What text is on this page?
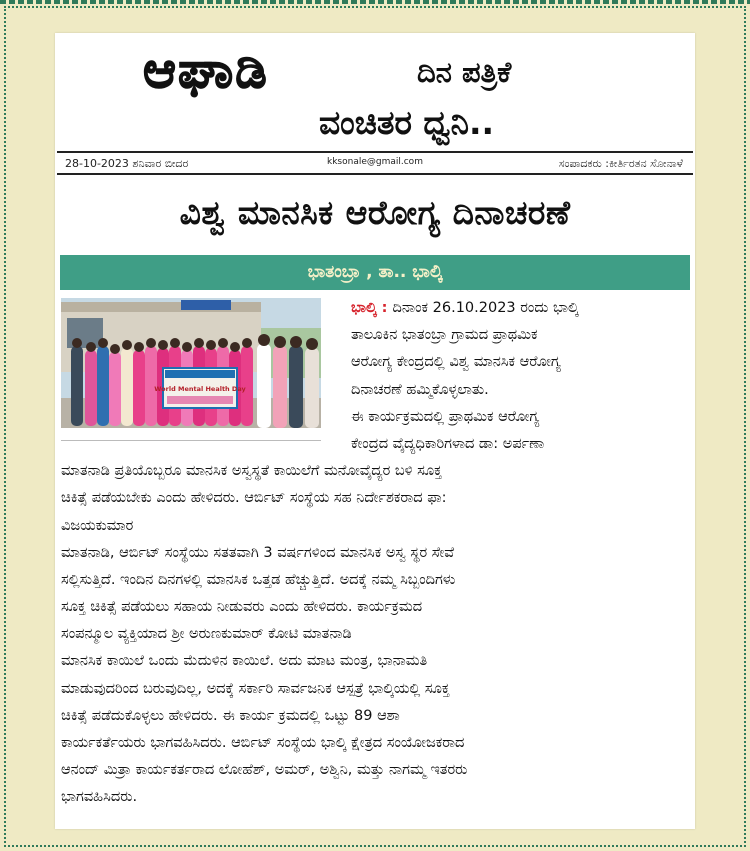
ಆಘಾಡಿ	ದಿನ ಪತ್ರಿಕೆ
ವಂಚಿತರ ಧ್ವನಿ..
28-10-2023 ಶನಿವಾರ ಬೀದರ	kksonale@gmail.com	ಸಂಪಾದಕರು :ಕೀರ್ತಿರತನ ಸೋನಾಳೆ
ವಿಶ್ವ ಮಾನಸಿಕ ಆರೋಗ್ಯ ದಿನಾಚರಣೆ
ಭಾತಂಬ್ರಾ , ತಾ.. ಭಾಲ್ಕಿ
World Mental Health Day
ಭಾಲ್ಕಿ : ದಿನಾಂಕ 26.10.2023 ರಂದು ಭಾಲ್ಕಿ
ತಾಲೂಕಿನ ಭಾತಂಬ್ರಾ ಗ್ರಾಮದ ಪ್ರಾಥಮಿಕ
ಆರೋಗ್ಯ ಕೇಂದ್ರದಲ್ಲಿ ವಿಶ್ವ ಮಾನಸಿಕ ಆರೋಗ್ಯ
ದಿನಾಚರಣೆ ಹಮ್ಮಿಕೊಳ್ಳಲಾತು.
ಈ ಕಾರ್ಯಕ್ರಮದಲ್ಲಿ ಪ್ರಾಥಮಿಕ ಆರೋಗ್ಯ
ಕೇಂದ್ರದ ವೈದ್ಯಧಿಕಾರಿಗಳಾದ ಡಾ: ಅರ್ಪಣಾ
ಮಾತನಾಡಿ ಪ್ರತಿಯೊಬ್ಬರೂ ಮಾನಸಿಕ ಅಸ್ವಸ್ಥತೆ ಕಾಯಿಲೆಗೆ ಮನೋವೈದ್ಯರ ಬಳಿ ಸೂಕ್ತ
ಚಿಕಿತ್ಸೆ ಪಡೆಯಬೇಕು ಎಂದು ಹೇಳಿದರು. ಆರ್ಬಿಟ್ ಸಂಸ್ಥೆಯ ಸಹ ನಿರ್ದೇಶಕರಾದ ಫಾ:
ವಿಜಯಕುಮಾರ
ಮಾತನಾಡಿ, ಆರ್ಬಿಟ್ ಸಂಸ್ಥೆಯು ಸತತವಾಗಿ 3 ವರ್ಷಗಳಿಂದ ಮಾನಸಿಕ ಅಸ್ವ ಸ್ಥರ ಸೇವೆ
ಸಲ್ಲಿಸುತ್ತಿದೆ. ಇಂದಿನ ದಿನಗಳಲ್ಲಿ ಮಾನಸಿಕ ಒತ್ತಡ ಹೆಚ್ಚುತ್ತಿದೆ. ಅದಕ್ಕೆ ನಮ್ಮ ಸಿಬ್ಬಂದಿಗಳು
ಸೂಕ್ತ ಚಿಕಿತ್ಸೆ ಪಡೆಯಲು ಸಹಾಯ ನೀಡುವರು ಎಂದು ಹೇಳಿದರು. ಕಾರ್ಯಕ್ರಮದ
ಸಂಪನ್ಮೂಲ ವ್ಯಕ್ತಿಯಾದ ಶ್ರೀ ಅರುಣಕುಮಾರ್ ಕೋಟಿ ಮಾತನಾಡಿ
ಮಾನಸಿಕ ಕಾಯಿಲೆ ಒಂದು ಮೆದುಳಿನ ಕಾಯಿಲೆ. ಅದು ಮಾಟ ಮಂತ್ರ, ಭಾನಾಮತಿ
ಮಾಡುವುದರಿಂದ ಬರುವುದಿಲ್ಲ, ಅದಕ್ಕೆ ಸರ್ಕಾರಿ ಸಾರ್ವಜನಿಕ ಆಸ್ಪತ್ರೆ ಭಾಲ್ಕಿಯಲ್ಲಿ ಸೂಕ್ತ
ಚಿಕಿತ್ಸೆ ಪಡೆದುಕೊಳ್ಳಲು ಹೇಳಿದರು. ಈ ಕಾರ್ಯ ಕ್ರಮದಲ್ಲಿ ಒಟ್ಟು 89 ಆಶಾ
ಕಾರ್ಯಕರ್ತೆಯರು ಭಾಗವಹಿಸಿದರು. ಆರ್ಬಿಟ್ ಸಂಸ್ಥೆಯ ಭಾಲ್ಕಿ ಕ್ಷೇತ್ರದ ಸಂಯೋಜಕರಾದ
ಆನಂದ್ ಮಿತ್ರಾ ಕಾರ್ಯಕರ್ತರಾದ ಲೋಹೆಶ್, ಅಮರ್, ಅಶ್ವಿನಿ, ಮತ್ತು ನಾಗಮ್ಮ ಇತರರು
ಭಾಗವಹಿಸಿದರು.
